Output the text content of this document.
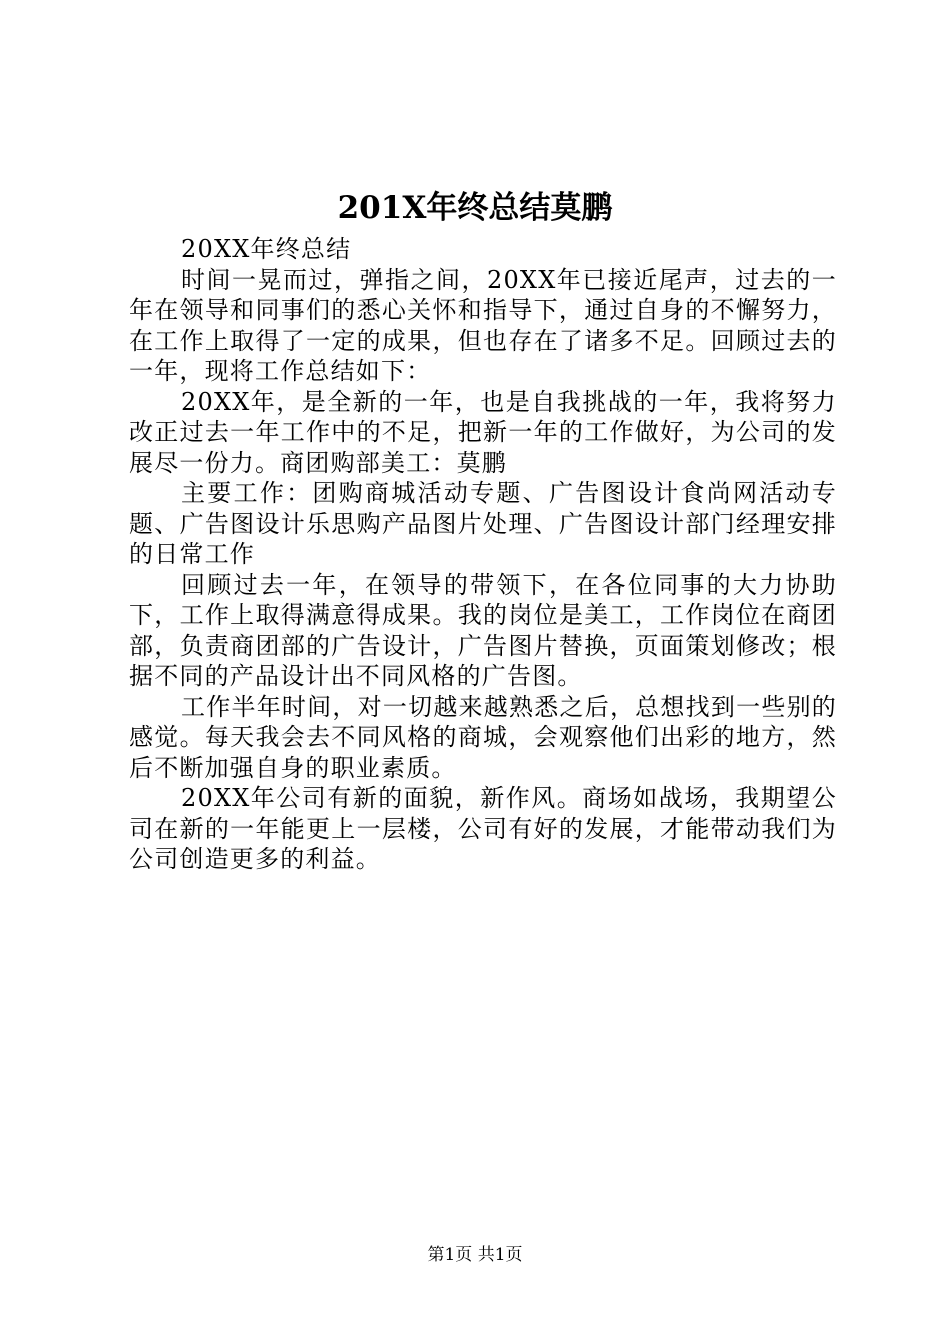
201X年终总结莫鹏

20XX年终总结

时间一晃而过，弹指之间，20XX年已接近尾声，过去的一年在领导和同事们的悉心关怀和指导下，通过自身的不懈努力，在工作上取得了一定的成果，但也存在了诸多不足。回顾过去的一年，现将工作总结如下：

20XX年，是全新的一年，也是自我挑战的一年，我将努力改正过去一年工作中的不足，把新一年的工作做好，为公司的发展尽一份力。商团购部美工：莫鹏

主要工作：团购商城活动专题、广告图设计食尚网活动专题、广告图设计乐思购产品图片处理、广告图设计部门经理安排的日常工作

回顾过去一年，在领导的带领下，在各位同事的大力协助下，工作上取得满意得成果。我的岗位是美工，工作岗位在商团部，负责商团部的广告设计，广告图片替换，页面策划修改；根据不同的产品设计出不同风格的广告图。

工作半年时间，对一切越来越熟悉之后，总想找到一些别的感觉。每天我会去不同风格的商城，会观察他们出彩的地方，然后不断加强自身的职业素质。

20XX年公司有新的面貌，新作风。商场如战场，我期望公司在新的一年能更上一层楼，公司有好的发展，才能带动我们为公司创造更多的利益。

第1页 共1页
